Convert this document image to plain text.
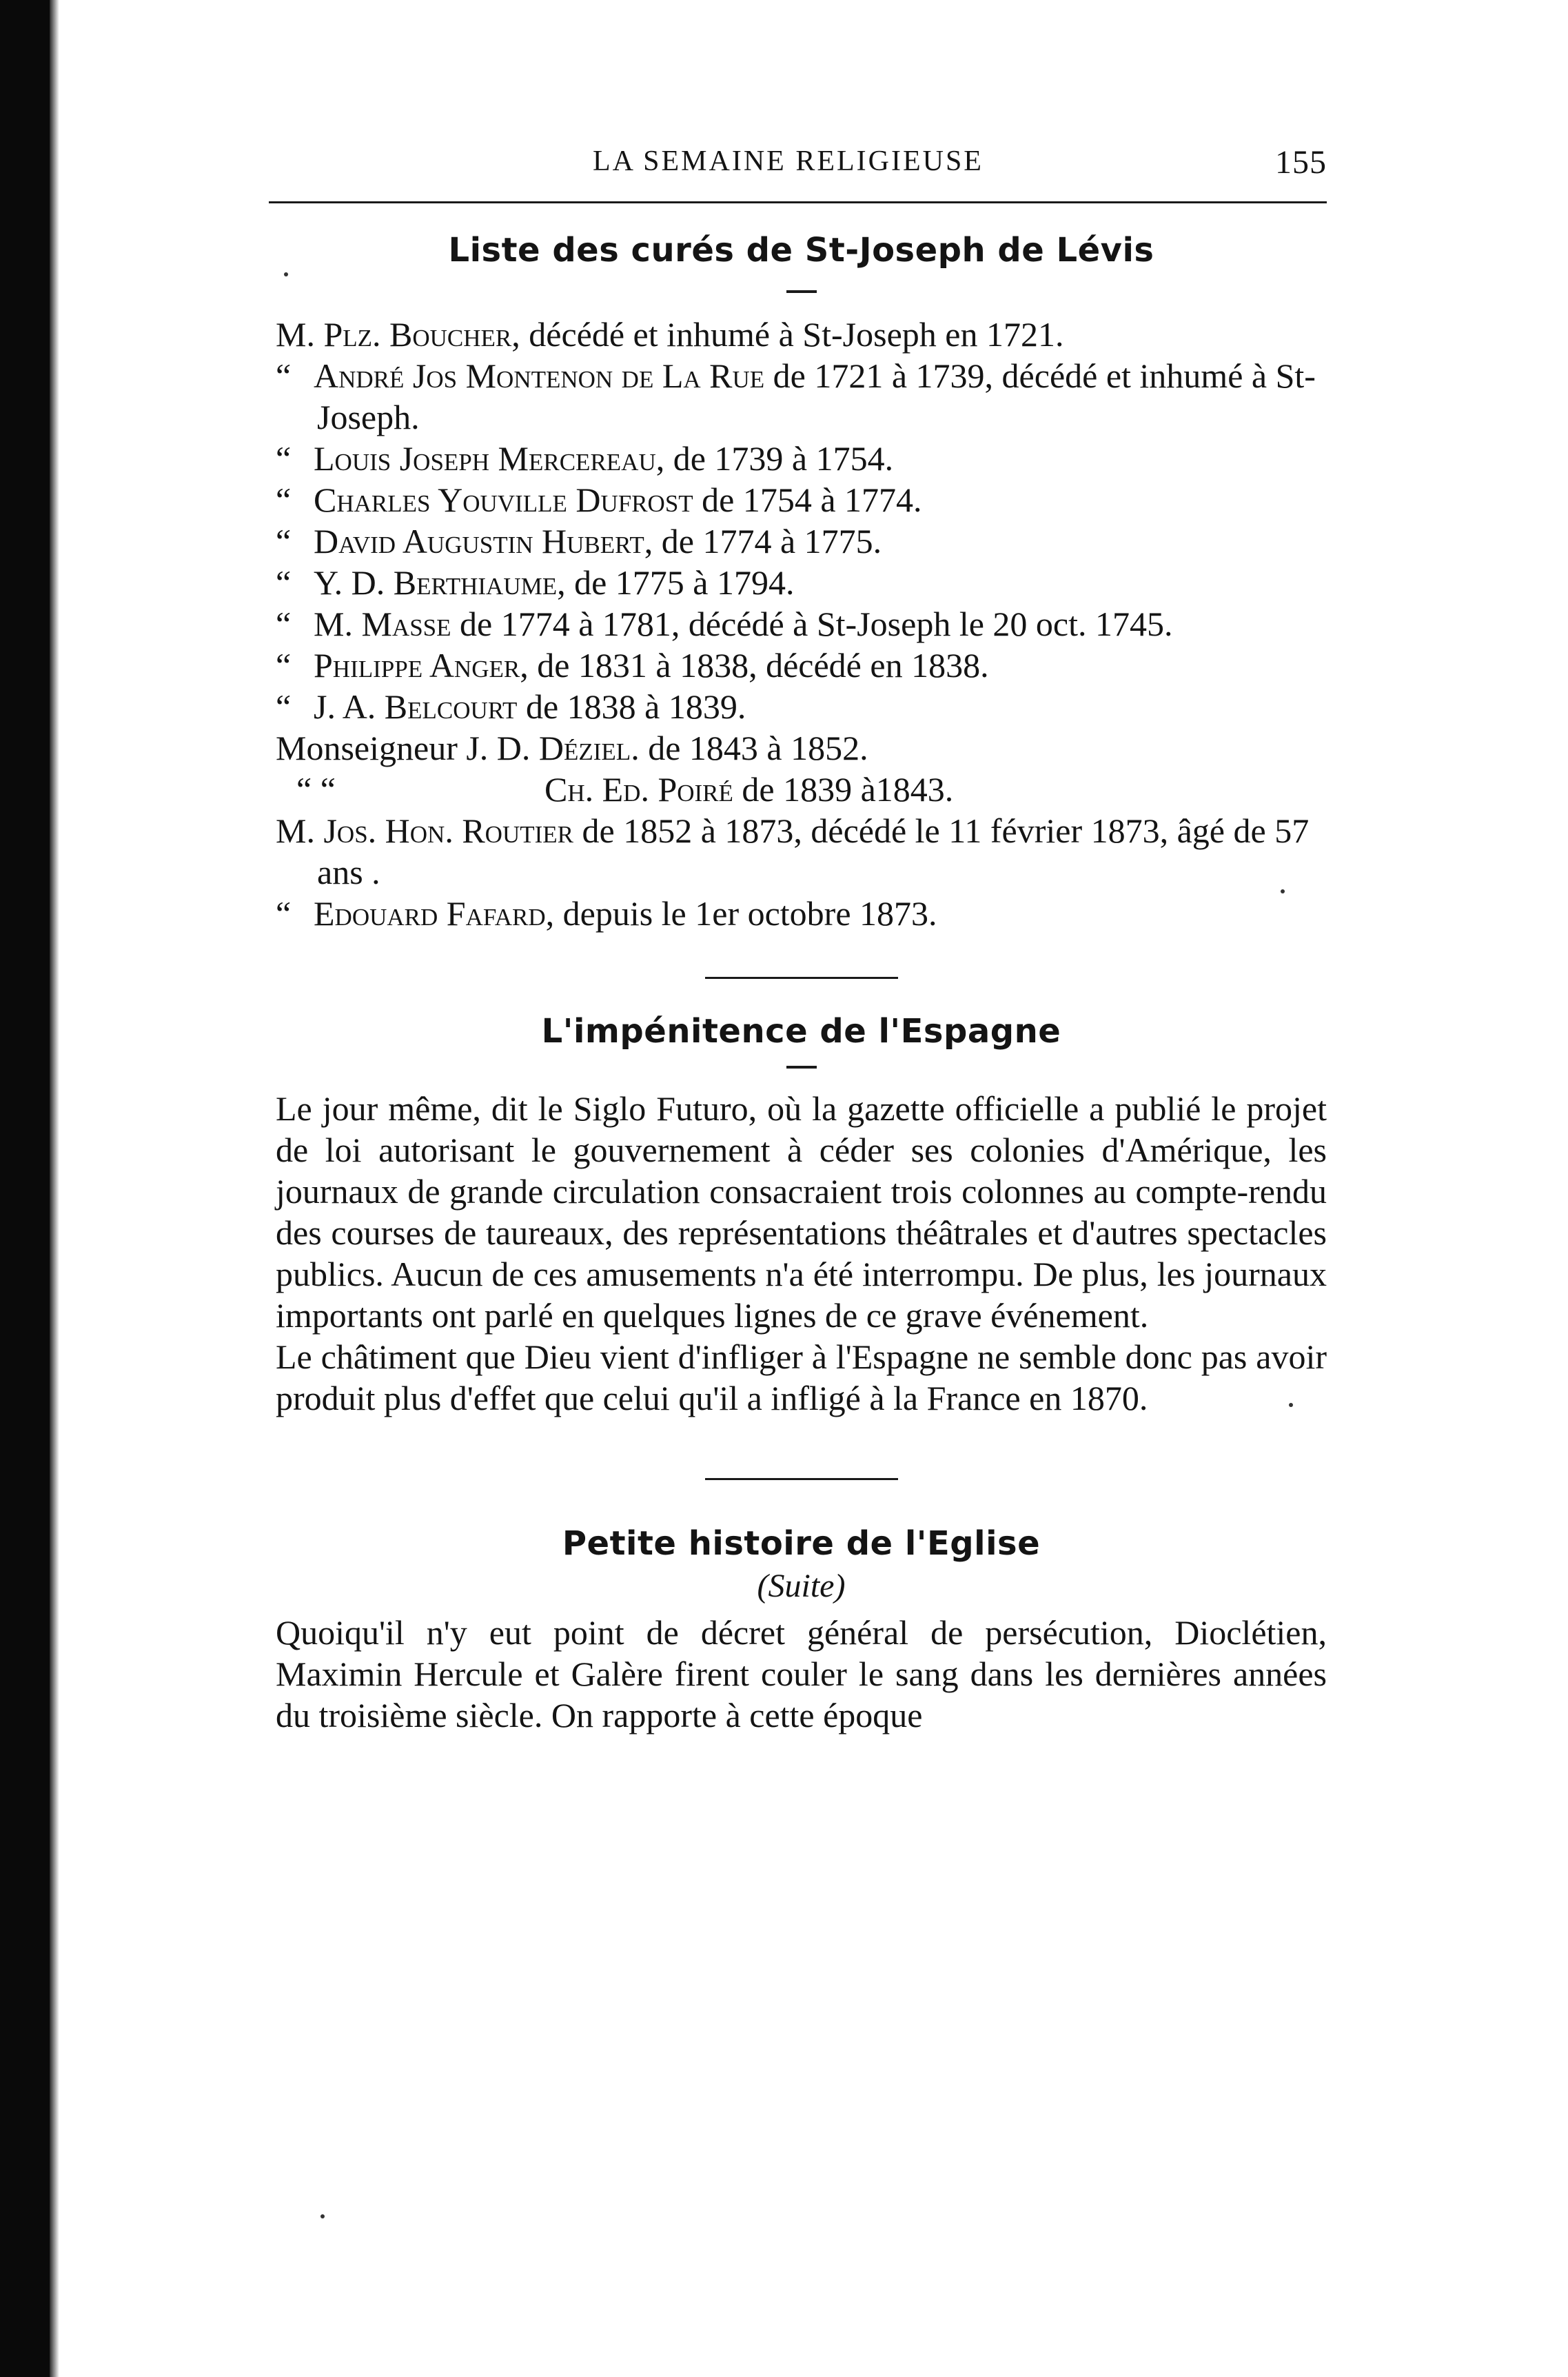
LA SEMAINE RELIGIEUSE	155
Liste des curés de St-Joseph de Lévis

M. Plz. Boucher, décédé et inhumé à St-Joseph en 1721.

“ André Jos Montenon de La Rue de 1721 à 1739, décédé et inhumé à St-Joseph.

“ Louis Joseph Mercereau, de 1739 à 1754.

“ Charles Youville Dufrost de 1754 à 1774.

“ David Augustin Hubert, de 1774 à 1775.

“ Y. D. Berthiaume, de 1775 à 1794.

“ M. Masse de 1774 à 1781, décédé à St-Joseph le 20 oct. 1745.

“ Philippe Anger, de 1831 à 1838, décédé en 1838.

“ J. A. Belcourt de 1838 à 1839.

Monseigneur J. D. Déziel. de 1843 à 1852.

“ “	Ch. Ed. Poiré de 1839 à1843.

M. Jos. Hon. Routier de 1852 à 1873, décédé le 11 février 1873, âgé de 57 ans .

“ Edouard Fafard, depuis le 1er octobre 1873.

L'impénitence de l'Espagne

Le jour même, dit le Siglo Futuro, où la gazette officielle a publié le projet de loi autorisant le gouvernement à céder ses colonies d'Amérique, les journaux de grande circulation consacraient trois colonnes au compte-rendu des courses de taureaux, des représentations théâtrales et d'autres spectacles publics. Aucun de ces amusements n'a été interrompu. De plus, les journaux importants ont parlé en quelques lignes de ce grave événement.

Le châtiment que Dieu vient d'infliger à l'Espagne ne semble donc pas avoir produit plus d'effet que celui qu'il a infligé à la France en 1870.

Petite histoire de l'Eglise
(Suite)

Quoiqu'il n'y eut point de décret général de persécution, Dioclétien, Maximin Hercule et Galère firent couler le sang dans les dernières années du troisième siècle. On rapporte à cette époque
